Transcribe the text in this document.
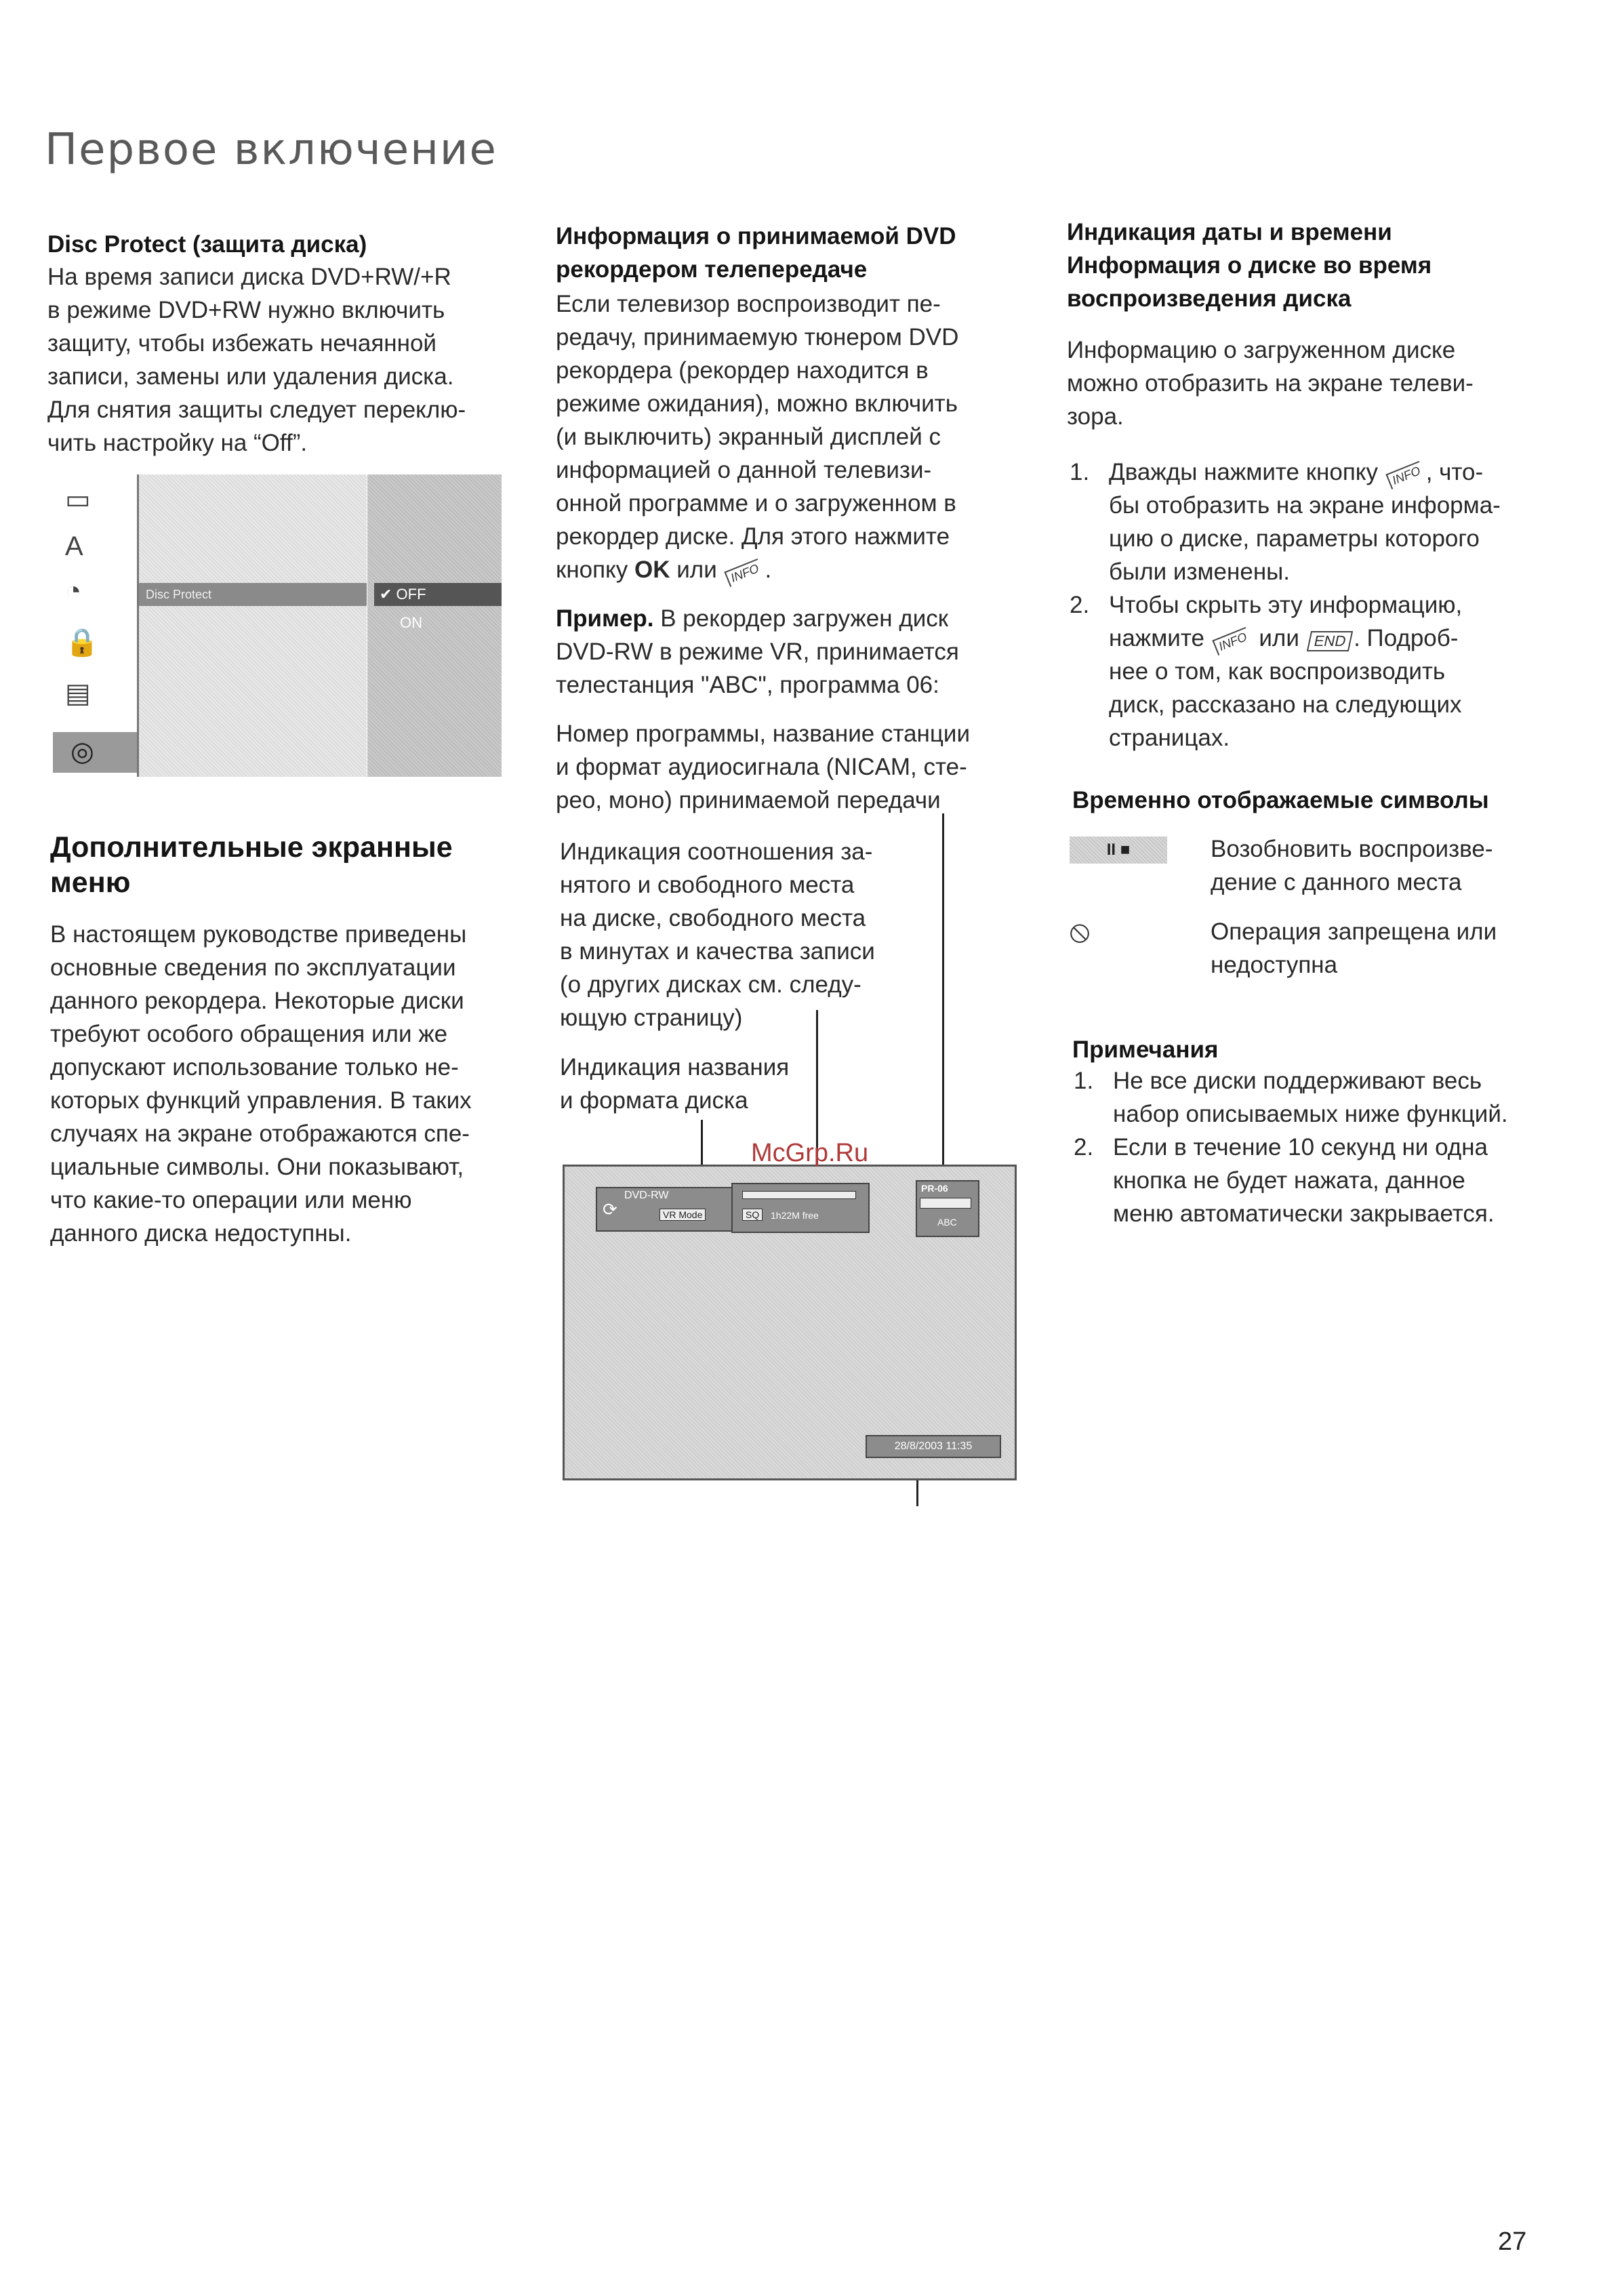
Первое включение
Disc Protect (защита диска)
На время записи диска DVD+RW/+R
в режиме DVD+RW нужно включить
защиту, чтобы избежать нечаянной
записи, замены или удаления диска.
Для снятия защиты следует переклю-
чить настройку на “Off”.
▭
A
◔
🔒
▤
◎
Disc Protect	✔ OFF
ON
Дополнительные экранные
меню
В настоящем руководстве приведены
основные сведения по эксплуатации
данного рекордера. Некоторые диски
требуют особого обращения или же
допускают использование только не-
которых функций управления. В таких
случаях на экране отображаются спе-
циальные символы. Они показывают,
что какие-то операции или меню
данного диска недоступны.
Информация о принимаемой DVD
рекордером телепередаче
Если телевизор воспроизводит пе-
редачу, принимаемую тюнером DVD
рекордера (рекордер находится в
режиме ожидания), можно включить
(и выключить) экранный дисплей с
информацией о данной телевизи-
онной программе и о загруженном в
рекордер диске. Для этого нажмите
кнопку OK или INFO .
Пример. В рекордер загружен диск
DVD-RW в режиме VR, принимается
телестанция "ABC", программа 06:
Номер программы, название станции
и формат аудиосигнала (NICAM, сте-
рео, моно) принимаемой передачи
Индикация соотношения за-
нятого и свободного места
на диске, свободного места
в минутах и качества записи
(о других дисках см. следу-
ющую страницу)
Индикация названия
и формата диска
⟳
DVD-RW
VR Mode	SQ	1h22M free
PR-06
ABC
28/8/2003 11:35
McGrp.Ru
Индикация даты и времени
Информация о диске во время
воспроизведения диска
Информацию о загруженном диске
можно отобразить на экране телеви-
зора.
1. Дважды нажмите кнопку INFO , что-
бы отобразить на экране информа-
цию о диске, параметры которого
были изменены.
2. Чтобы скрыть эту информацию,
нажмите INFO или END . Подроб-
нее о том, как воспроизводить
диск, рассказано на следующих
страницах.
Временно отображаемые символы
II ■	Возобновить воспроизве-
дение с данного места
⦸	Операция запрещена или
недоступна
Примечания
1. Не все диски поддерживают весь
набор описываемых ниже функций.
2. Если в течение 10 секунд ни одна
кнопка не будет нажата, данное
меню автоматически закрывается.
27
